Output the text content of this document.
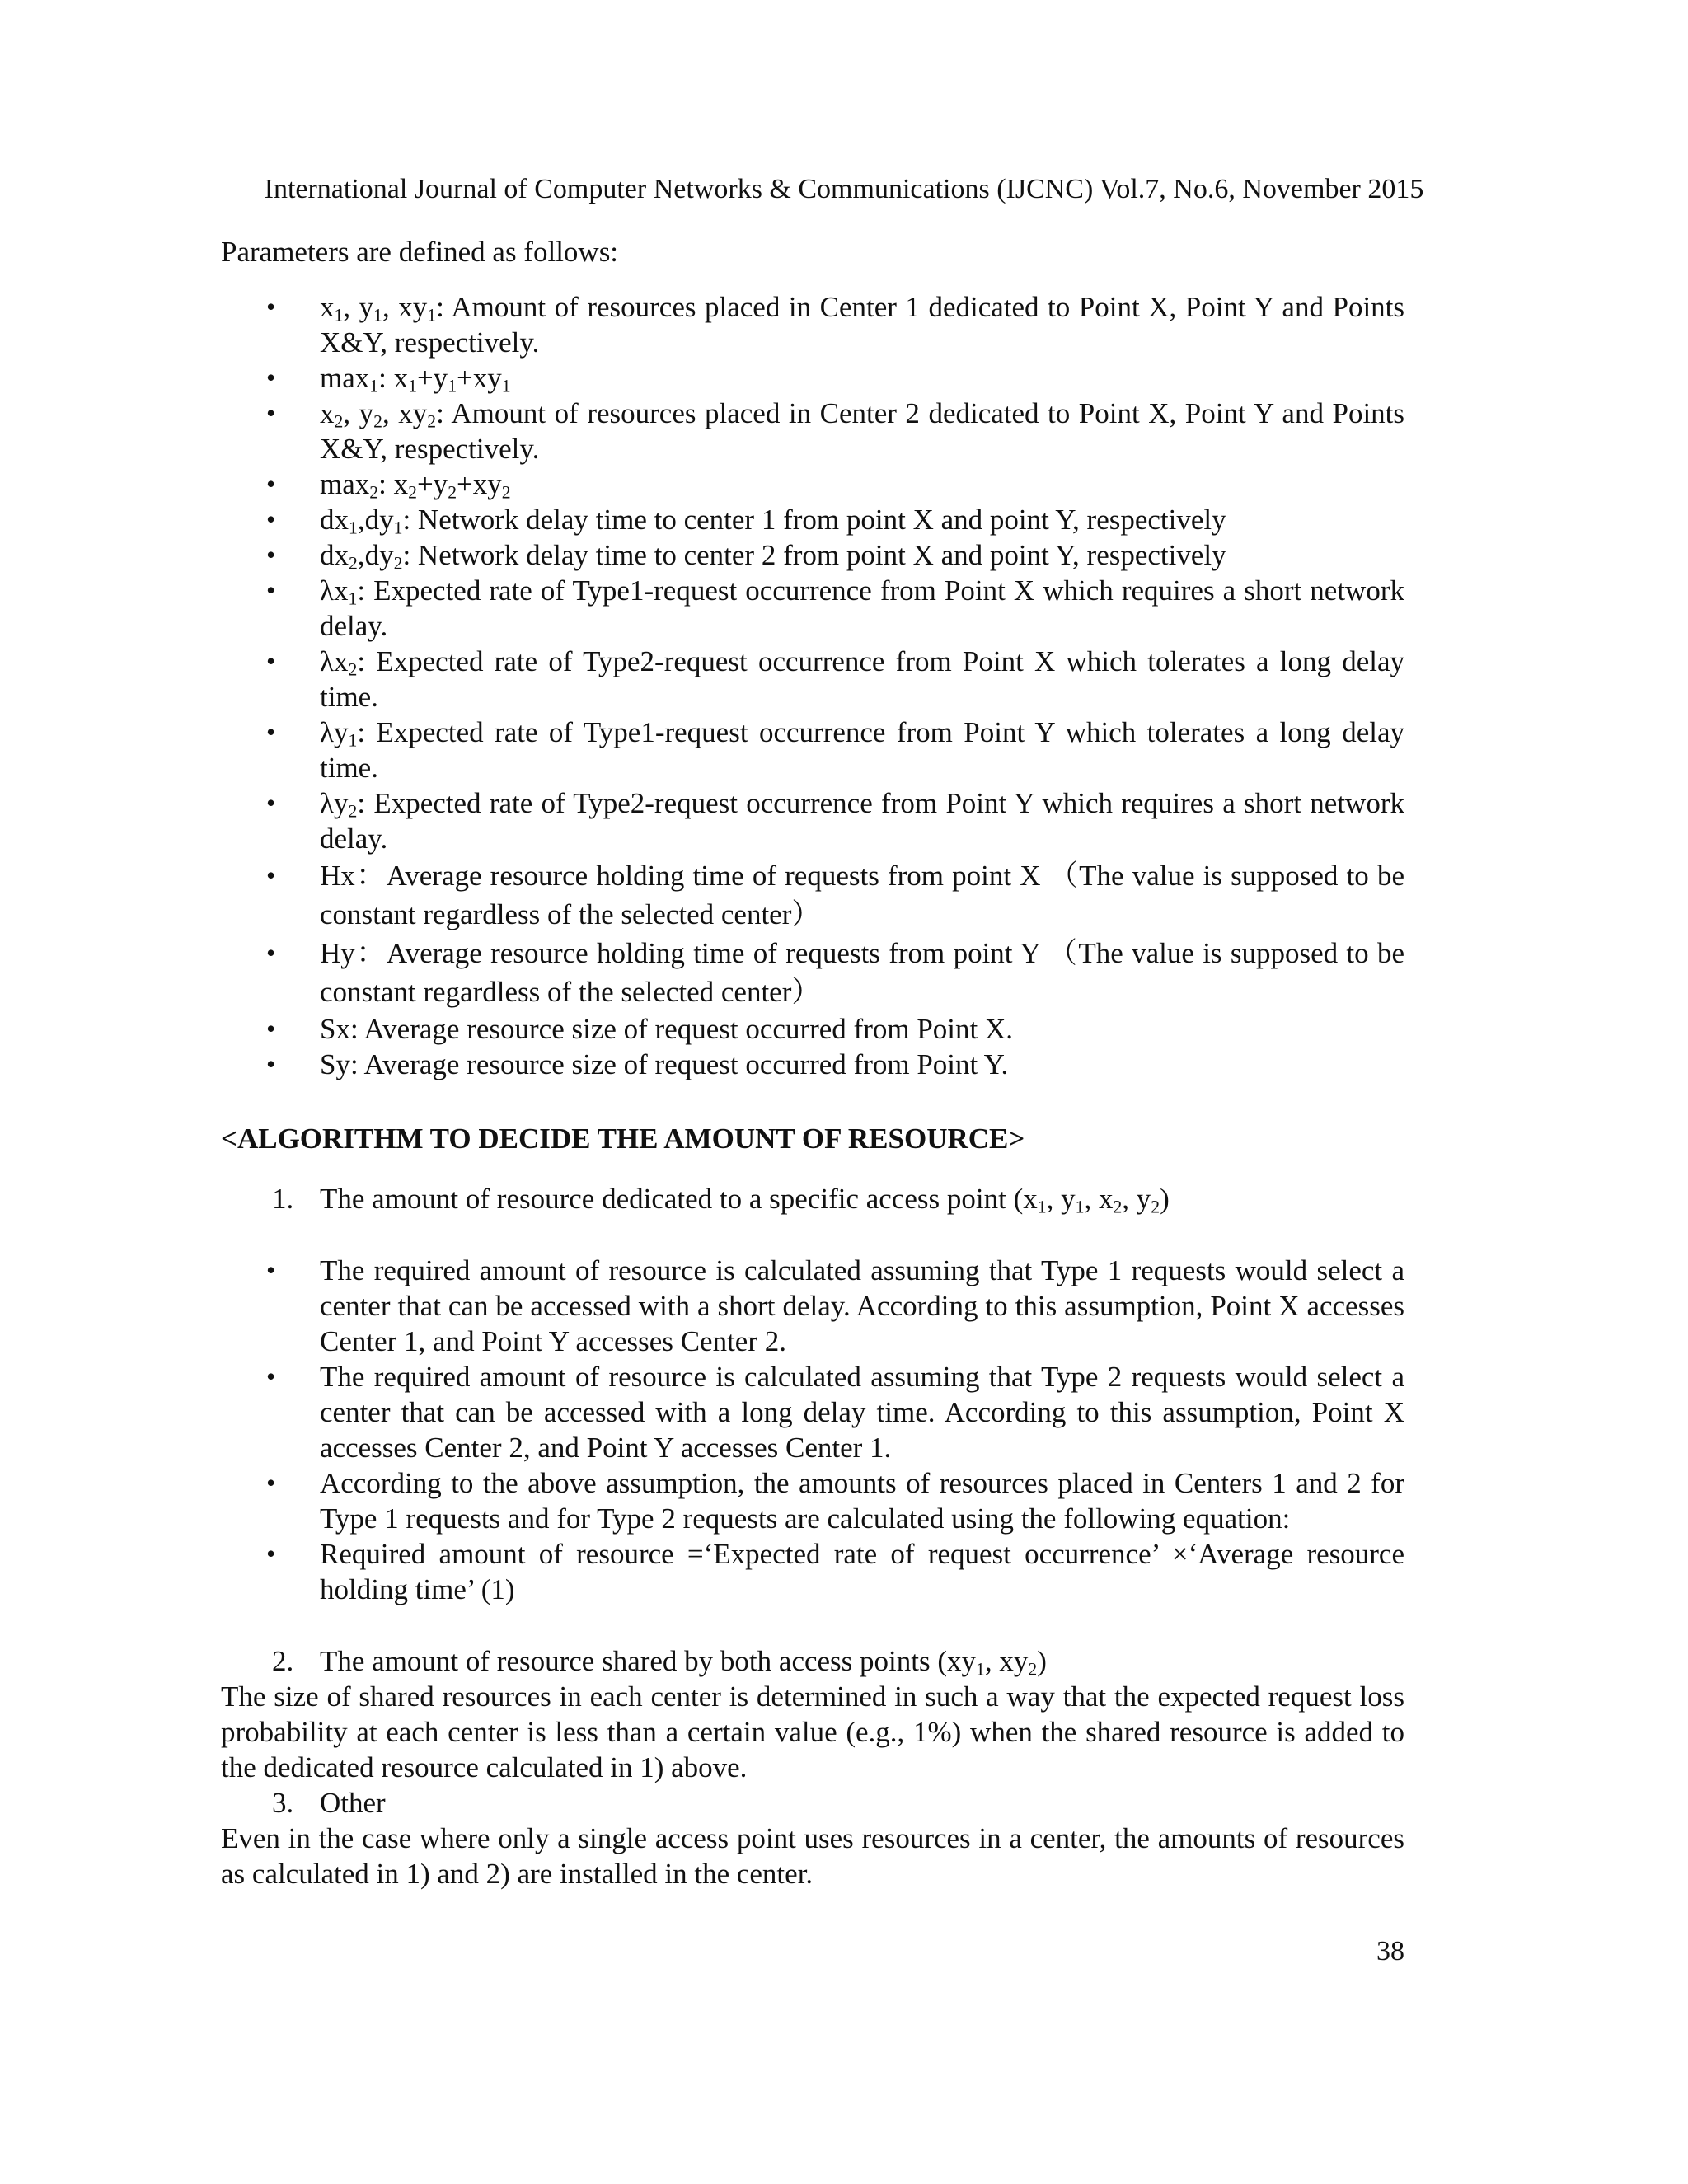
International Journal of Computer Networks & Communications (IJCNC) Vol.7, No.6, November 2015

Parameters are defined as follows:

• $x_1$, $y_1$, $xy_1$: Amount of resources placed in Center 1 dedicated to Point X, Point Y and Points X&Y, respectively.
• $\max_1$: $x_1+y_1+xy_1$
• $x_2$, $y_2$, $xy_2$: Amount of resources placed in Center 2 dedicated to Point X, Point Y and Points X&Y, respectively.
• $\max_2$: $x_2+y_2+xy_2$
• $dx_1,dy_1$: Network delay time to center 1 from point X and point Y, respectively
• $dx_2,dy_2$: Network delay time to center 2 from point X and point Y, respectively
• $\lambda x_1$: Expected rate of Type1-request occurrence from Point X which requires a short network delay.
• $\lambda x_2$: Expected rate of Type2-request occurrence from Point X which tolerates a long delay time.
• $\lambda y_1$: Expected rate of Type1-request occurrence from Point Y which tolerates a long delay time.
• $\lambda y_2$: Expected rate of Type2-request occurrence from Point Y which requires a short network delay.
• Hx：Average resource holding time of requests from point X （The value is supposed to be constant regardless of the selected center）
• Hy：Average resource holding time of requests from point Y （The value is supposed to be constant regardless of the selected center）
• Sx: Average resource size of request occurred from Point X.
• Sy: Average resource size of request occurred from Point Y.
<ALGORITHM TO DECIDE THE AMOUNT OF RESOURCE>
1. The amount of resource dedicated to a specific access point ($x_1$, $y_1$, $x_2$, $y_2$)
• The required amount of resource is calculated assuming that Type 1 requests would select a center that can be accessed with a short delay. According to this assumption, Point X accesses Center 1, and Point Y accesses Center 2.
• The required amount of resource is calculated assuming that Type 2 requests would select a center that can be accessed with a long delay time. According to this assumption, Point X accesses Center 2, and Point Y accesses Center 1.
• According to the above assumption, the amounts of resources placed in Centers 1 and 2 for Type 1 requests and for Type 2 requests are calculated using the following equation:
• Required amount of resource =‘Expected rate of request occurrence’ ×‘Average resource holding time’ (1)
2. The amount of resource shared by both access points ($xy_1$, $xy_2$)

The size of shared resources in each center is determined in such a way that the expected request loss probability at each center is less than a certain value (e.g., 1%) when the shared resource is added to the dedicated resource calculated in 1) above.

3. Other

Even in the case where only a single access point uses resources in a center, the amounts of resources as calculated in 1) and 2) are installed in the center.

38
